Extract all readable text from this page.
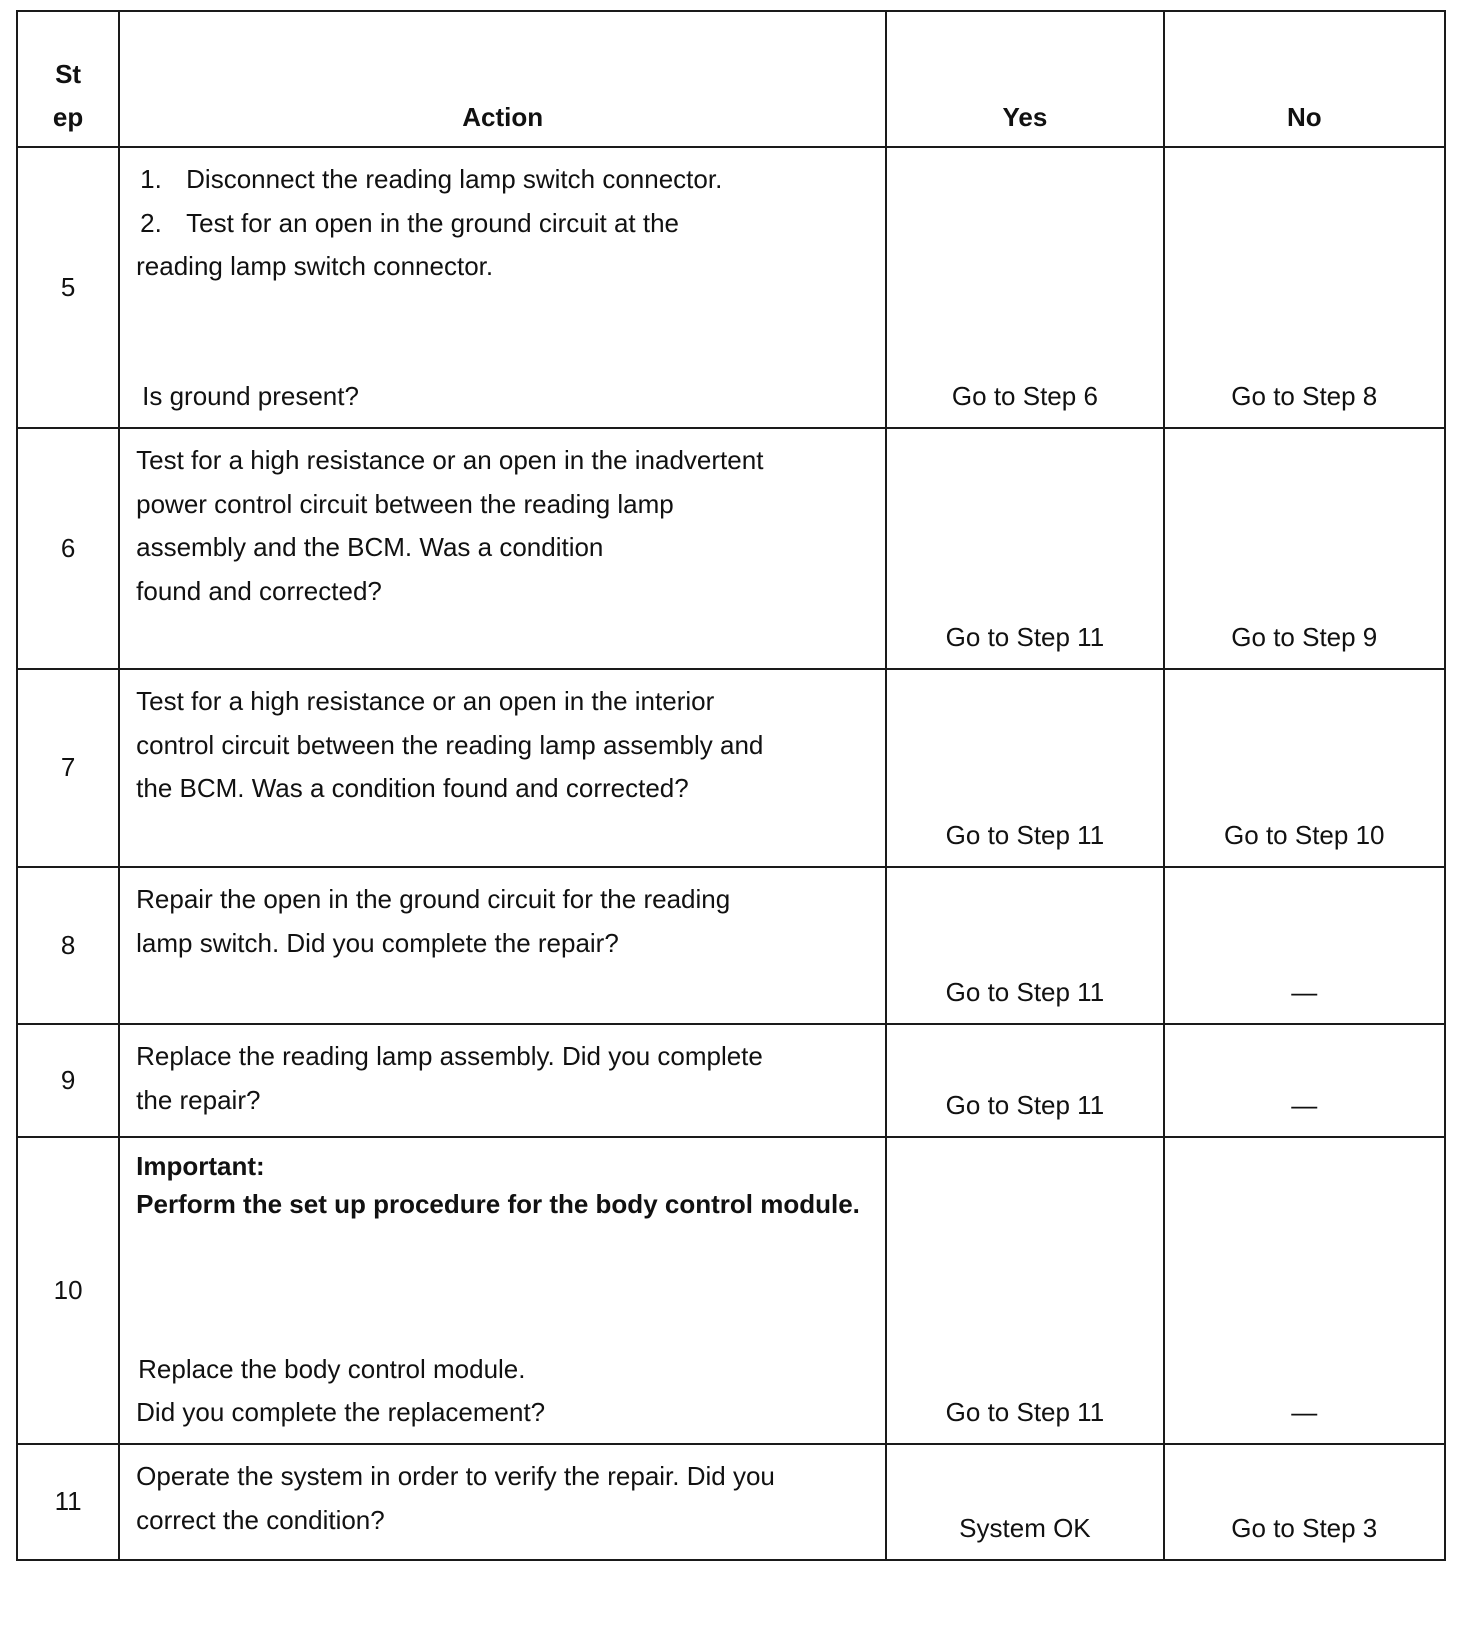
St
ep	Action	Yes	No
5	1. Disconnect the reading lamp switch connector.
2. Test for an open in the ground circuit at the
reading lamp switch connector.
Is ground present?	Go to Step 6	Go to Step 8
6	Test for a high resistance or an open in the inadvertent
power control circuit between the reading lamp
assembly and the BCM. Was a condition
found and corrected?	Go to Step 11	Go to Step 9
7	Test for a high resistance or an open in the interior
control circuit between the reading lamp assembly and
the BCM. Was a condition found and corrected?	Go to Step 11	Go to Step 10
8	Repair the open in the ground circuit for the reading
lamp switch. Did you complete the repair?	Go to Step 11	—
9	Replace the reading lamp assembly. Did you complete
the repair?	Go to Step 11	—
10	Important:
Perform the set up procedure for the body control module.
Replace the body control module.
Did you complete the replacement?	Go to Step 11	—
11	Operate the system in order to verify the repair. Did you
correct the condition?	System OK	Go to Step 3
